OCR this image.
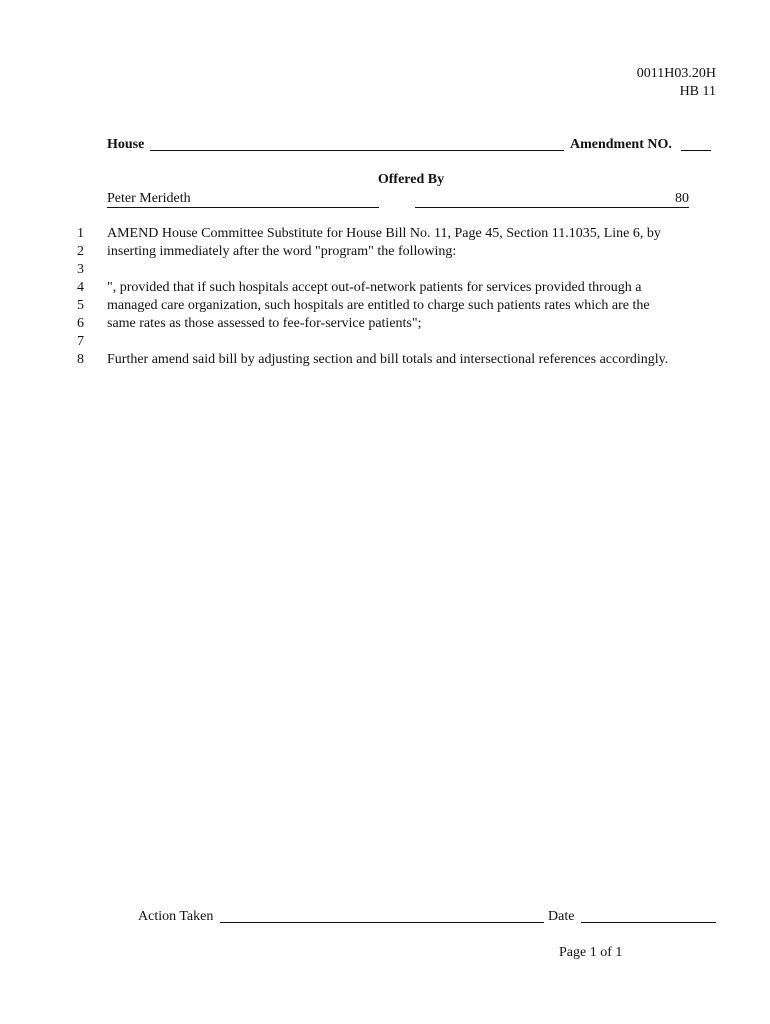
0011H03.20H
HB 11
House	Amendment NO.
Offered By
Peter Merideth	80
1
2
3
4
5
6
7
8
AMEND House Committee Substitute for House Bill No. 11, Page 45, Section 11.1035, Line 6, by
inserting immediately after the word "program" the following:
", provided that if such hospitals accept out-of-network patients for services provided through a
managed care organization, such hospitals are entitled to charge such patients rates which are the
same rates as those assessed to fee-for-service patients";
Further amend said bill by adjusting section and bill totals and intersectional references accordingly.
Action Taken	Date
Page 1 of 1
